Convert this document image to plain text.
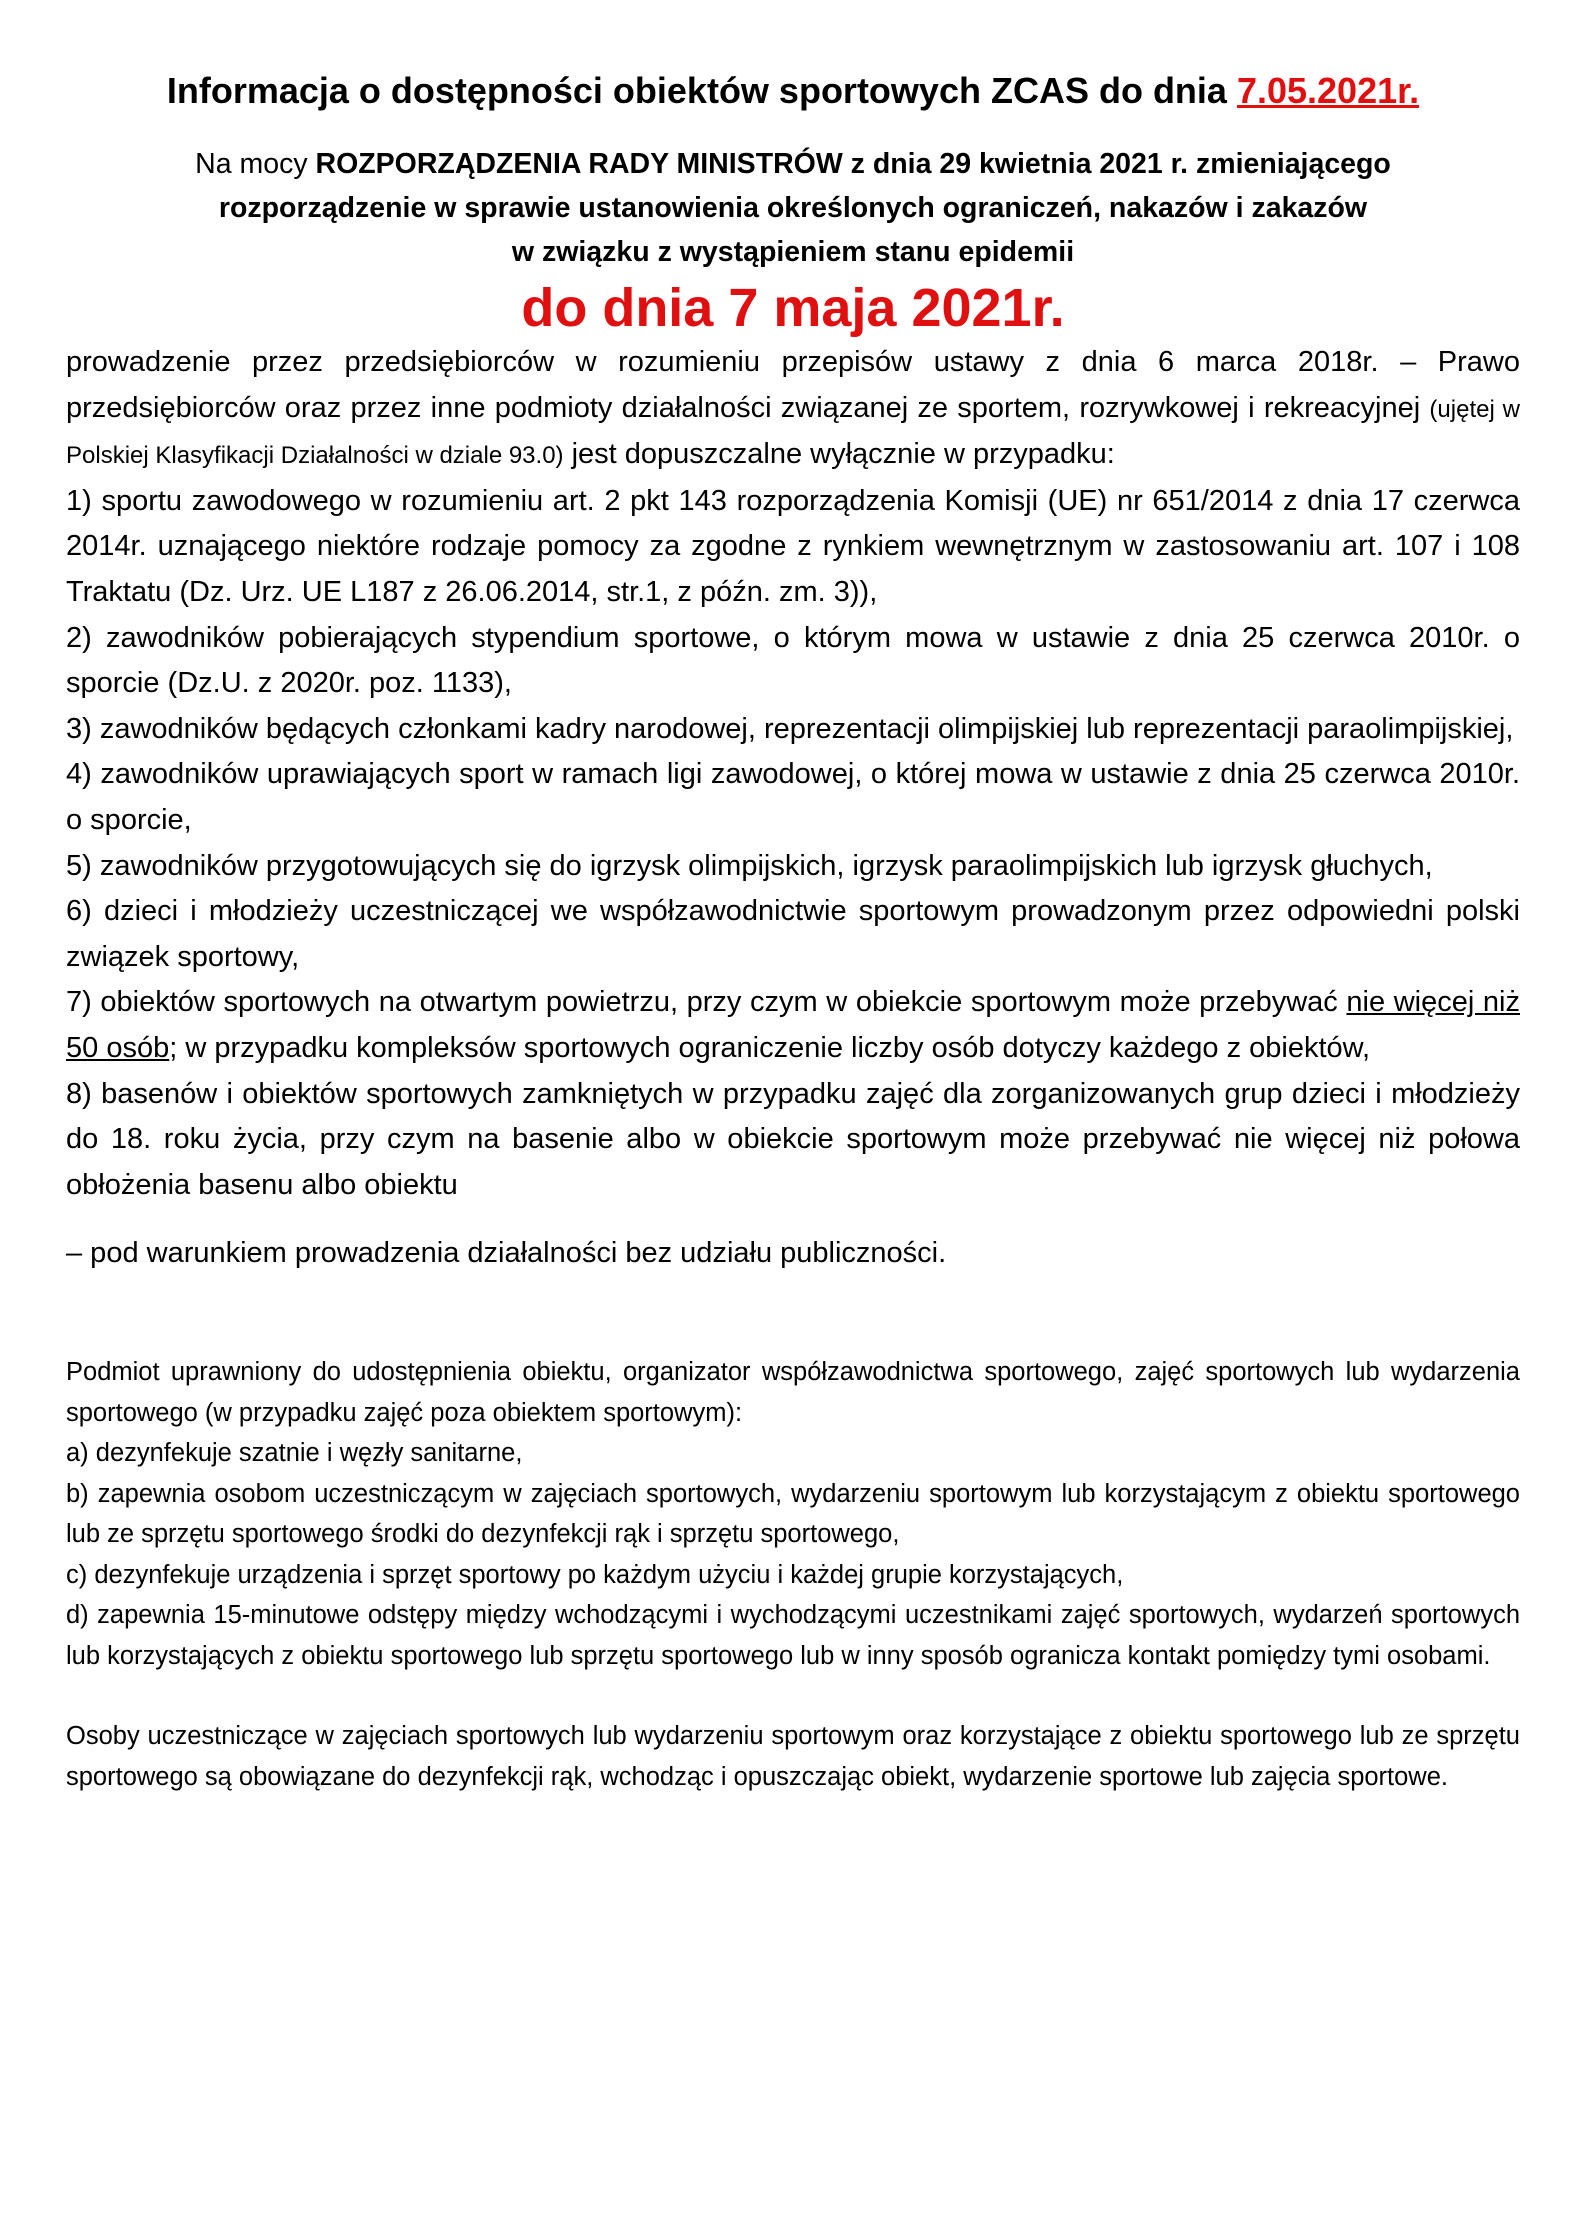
Informacja o dostępności obiektów sportowych ZCAS do dnia 7.05.2021r.
Na mocy ROZPORZĄDZENIA RADY MINISTRÓW z dnia 29 kwietnia 2021 r. zmieniającego
rozporządzenie w sprawie ustanowienia określonych ograniczeń, nakazów i zakazów
w związku z wystąpieniem stanu epidemii
do dnia 7 maja 2021r.

prowadzenie przez przedsiębiorców w rozumieniu przepisów ustawy z dnia 6 marca 2018r. – Prawo przedsiębiorców oraz przez inne podmioty działalności związanej ze sportem, rozrywkowej i rekreacyjnej (ujętej w Polskiej Klasyfikacji Działalności w dziale 93.0) jest dopuszczalne wyłącznie w przypadku:

1) sportu zawodowego w rozumieniu art. 2 pkt 143 rozporządzenia Komisji (UE) nr 651/2014 z dnia 17 czerwca 2014r. uznającego niektóre rodzaje pomocy za zgodne z rynkiem wewnętrznym w zastosowaniu art. 107 i 108 Traktatu (Dz. Urz. UE L187 z 26.06.2014, str.1, z późn. zm. 3)),

2) zawodników pobierających stypendium sportowe, o którym mowa w ustawie z dnia 25 czerwca 2010r. o sporcie (Dz.U. z 2020r. poz. 1133),

3) zawodników będących członkami kadry narodowej, reprezentacji olimpijskiej lub reprezentacji paraolimpijskiej,

4) zawodników uprawiających sport w ramach ligi zawodowej, o której mowa w ustawie z dnia 25 czerwca 2010r. o sporcie,

5) zawodników przygotowujących się do igrzysk olimpijskich, igrzysk paraolimpijskich lub igrzysk głuchych,

6) dzieci i młodzieży uczestniczącej we współzawodnictwie sportowym prowadzonym przez odpowiedni polski związek sportowy,

7) obiektów sportowych na otwartym powietrzu, przy czym w obiekcie sportowym może przebywać nie więcej niż 50 osób; w przypadku kompleksów sportowych ograniczenie liczby osób dotyczy każdego z obiektów,

8) basenów i obiektów sportowych zamkniętych w przypadku zajęć dla zorganizowanych grup dzieci i młodzieży do 18. roku życia, przy czym na basenie albo w obiekcie sportowym może przebywać nie więcej niż połowa obłożenia basenu albo obiektu

– pod warunkiem prowadzenia działalności bez udziału publiczności.

Podmiot uprawniony do udostępnienia obiektu, organizator współzawodnictwa sportowego, zajęć sportowych lub wydarzenia sportowego (w przypadku zajęć poza obiektem sportowym):

a) dezynfekuje szatnie i węzły sanitarne,

b) zapewnia osobom uczestniczącym w zajęciach sportowych, wydarzeniu sportowym lub korzystającym z obiektu sportowego lub ze sprzętu sportowego środki do dezynfekcji rąk i sprzętu sportowego,

c) dezynfekuje urządzenia i sprzęt sportowy po każdym użyciu i każdej grupie korzystających,

d) zapewnia 15-minutowe odstępy między wchodzącymi i wychodzącymi uczestnikami zajęć sportowych, wydarzeń sportowych lub korzystających z obiektu sportowego lub sprzętu sportowego lub w inny sposób ogranicza kontakt pomiędzy tymi osobami.

Osoby uczestniczące w zajęciach sportowych lub wydarzeniu sportowym oraz korzystające z obiektu sportowego lub ze sprzętu sportowego są obowiązane do dezynfekcji rąk, wchodząc i opuszczając obiekt, wydarzenie sportowe lub zajęcia sportowe.
